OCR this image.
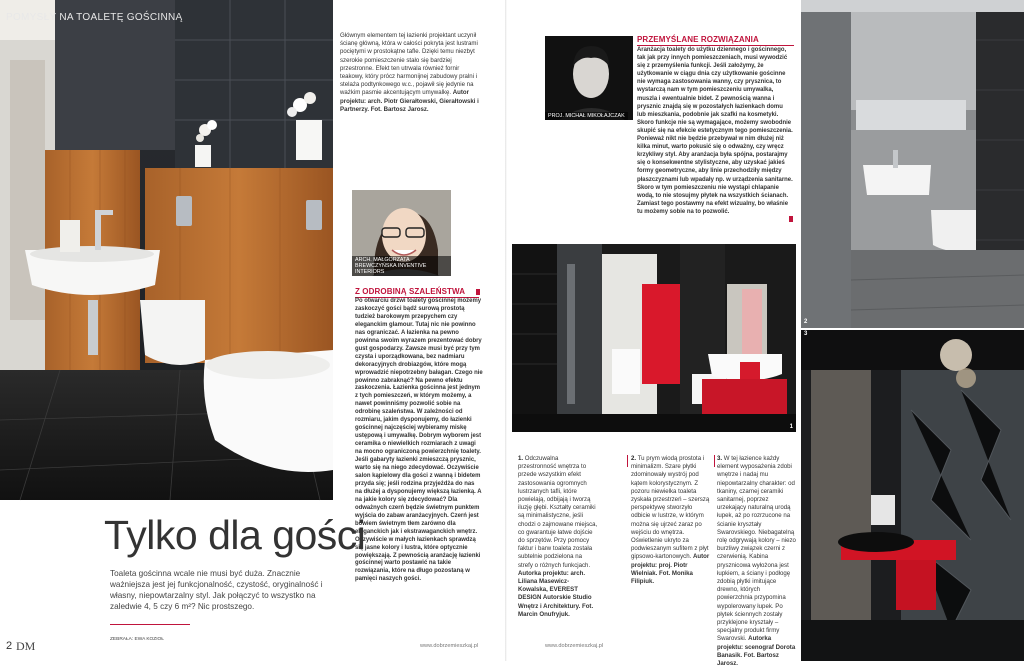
POMYSŁY NA TOALETĘ GOŚCINNĄ
Głównym elementem tej łazienki projektant uczynił ścianę główną, która w całości pokryta jest lustrami pociętymi w prostokątne tafle. Dzięki temu niezbyt szerokie pomieszczenie stało się bardziej przestronne. Efekt ten utrwala również fornir teakowy, który prócz harmonijnej zabudowy pralni i stelaża podtynkowego w.c., pojawił się jedynie na ważkim pasmie akcentującym umywalkę. Autor projektu: arch. Piotr Gierałtowski, Gierałtowski i Partnerzy. Fot. Bartosz Jarosz.
ARCH. MAŁGORZATA BREWCZYŃSKA INVENTIVE INTERIORS
Z ODROBINĄ SZALEŃSTWA
Po otwarciu drzwi toalety gościnnej możemy zaskoczyć gości bądź surową prostotą tudzież barokowym przepychem czy eleganckim glamour. Tutaj nic nie powinno nas ograniczać. A łazienka na pewno powinna swoim wyrazem prezentować dobry gust gospodarzy. Zawsze musi być przy tym czysta i uporządkowana, bez nadmiaru dekoracyjnych drobiazgów, które mogą wprowadzić niepotrzebny bałagan. Czego nie powinno zabraknąć? Na pewno efektu zaskoczenia. Łazienka gościnna jest jednym z tych pomieszczeń, w którym możemy, a nawet powinniśmy pozwolić sobie na odrobinę szaleństwa. W zależności od rozmiaru, jakim dysponujemy, do łazienki gościnnej najczęściej wybieramy miskę ustępową i umywalkę. Dobrym wyborem jest ceramika o niewielkich rozmiarach z uwagi na mocno ograniczoną powierzchnię toalety. Jeśli gabaryty łazienki zmieszczą prysznic, warto się na niego zdecydować. Oczywiście salon kąpielowy dla gości z wanną i bidetem przyda się; jeśli rodzina przyjeżdża do nas na dłużej a dysponujemy większą łazienką. A na jakie kolory się zdecydować? Dla odważnych czerń będzie świetnym punktem wyjścia do zabaw aranżacyjnych. Czerń jest bowiem świetnym tłem zarówno dla eleganckich jak i ekstrawaganckich wnętrz. Oczywiście w małych łazienkach sprawdzą się jasne kolory i lustra, które optycznie powiększają. Z pewnością aranżację łazienki gościnnej warto postawić na takie rozwiązania, które na długo pozostaną w pamięci naszych gości.
Tylko dla gości
Toaleta gościnna wcale nie musi być duża. Znacznie ważniejsza jest jej funkcjonalność, czystość, oryginalność i własny, niepowtarzalny styl. Jak połączyć to wszystko na zaledwie 4, 5 czy 6 m²? Nic prostszego.
ZEBRAŁA: EWA KOZIOŁ
2 DM	www.dobrzemieszkaj.pl
PROJ. MICHAŁ MIKOŁAJCZAK
PRZEMYŚLANE ROZWIĄZANIA
Aranżacja toalety do użytku dziennego i gościnnego, tak jak przy innych pomieszczeniach, musi wywodzić się z przemyślenia funkcji. Jeśli założymy, że użytkowanie w ciągu dnia czy użytkowanie gościnne nie wymaga zastosowania wanny, czy prysznica, to wystarczą nam w tym pomieszczeniu umywalka, muszla i ewentualnie bidet. Z pewnością wanna i prysznic znajdą się w pozostałych łazienkach domu lub mieszkania, podobnie jak szafki na kosmetyki. Skoro funkcje nie są wymagające, możemy swobodnie skupić się na efekcie estetycznym tego pomieszczenia. Ponieważ nikt nie będzie przebywał w nim dłużej niż kilka minut, warto pokusić się o odważny, czy wręcz krzykliwy styl. Aby aranżacja była spójna, postarajmy się o konsekwentne stylistyczne, aby uzyskać jakieś formy geometryczne, aby linie przechodziły między płaszczyznami lub wpadały np. w urządzenia sanitarne. Skoro w tym pomieszczeniu nie wystąpi chlapanie wodą, to nie stosujmy płytek na wszystkich ścianach. Zamiast tego postawmy na efekt wizualny, bo właśnie tu możemy sobie na to pozwolić.
1
2
3
1. Odczuwalna przestronność wnętrza to przede wszystkim efekt zastosowania ogromnych lustrzanych tafli, które powielają, odbijają i tworzą iluzję głębi. Kształty ceramiki są minimalistyczne, jeśli chodzi o zajmowane miejsca, co gwarantuje łatwe dojście do sprzętów. Przy pomocy faktur i barw toaleta została subtelnie podzielona na strefy o różnych funkcjach. Autorka projektu: arch. Liliana Masewicz-Kowalska, EVEREST DESIGN Autorskie Studio Wnętrz i Architektury. Fot. Marcin Onufryjuk.
2. Tu prym wiodą prostota i minimalizm. Szare płytki zdominowały wystrój pod kątem kolorystycznym. Z pozoru niewielka toaleta zyskała przestrzeń – szerszą perspektywę stworzyło odbicie w lustrze, w którym można się ujrzeć zaraz po wejściu do wnętrza. Oświetlenie ukryto za podwieszanym sufitem z płyt gipsowo-kartonowych. Autor projektu: proj. Piotr Wielniak. Fot. Monika Filipiuk.
3. W tej łazience każdy element wyposażenia zdobi wnętrze i nadaj mu niepowtarzalny charakter: od tkaniny, czarnej ceramiki sanitarnej, poprzez urzekający naturalną urodą łupek, aż po rozrzucone na ścianie kryształy Swarovskiego. Niebagatelną rolę odgrywają kolory – niezo burzliwy związek czerni z czerwienią. Kabina prysznicowa wyłożona jest łupkiem, a ściany i podłogę zdobią płytki imitujące drewno, których powierzchnia przypomina wypolerowany łupek. Po płytek ściennych zostały przyklejone kryształy – specjalny produkt firmy Swarovski. Autorka projektu: scenograf Dorota Banasik. Fot. Bartosz Jarosz.
www.dobrzemieszkaj.pl
